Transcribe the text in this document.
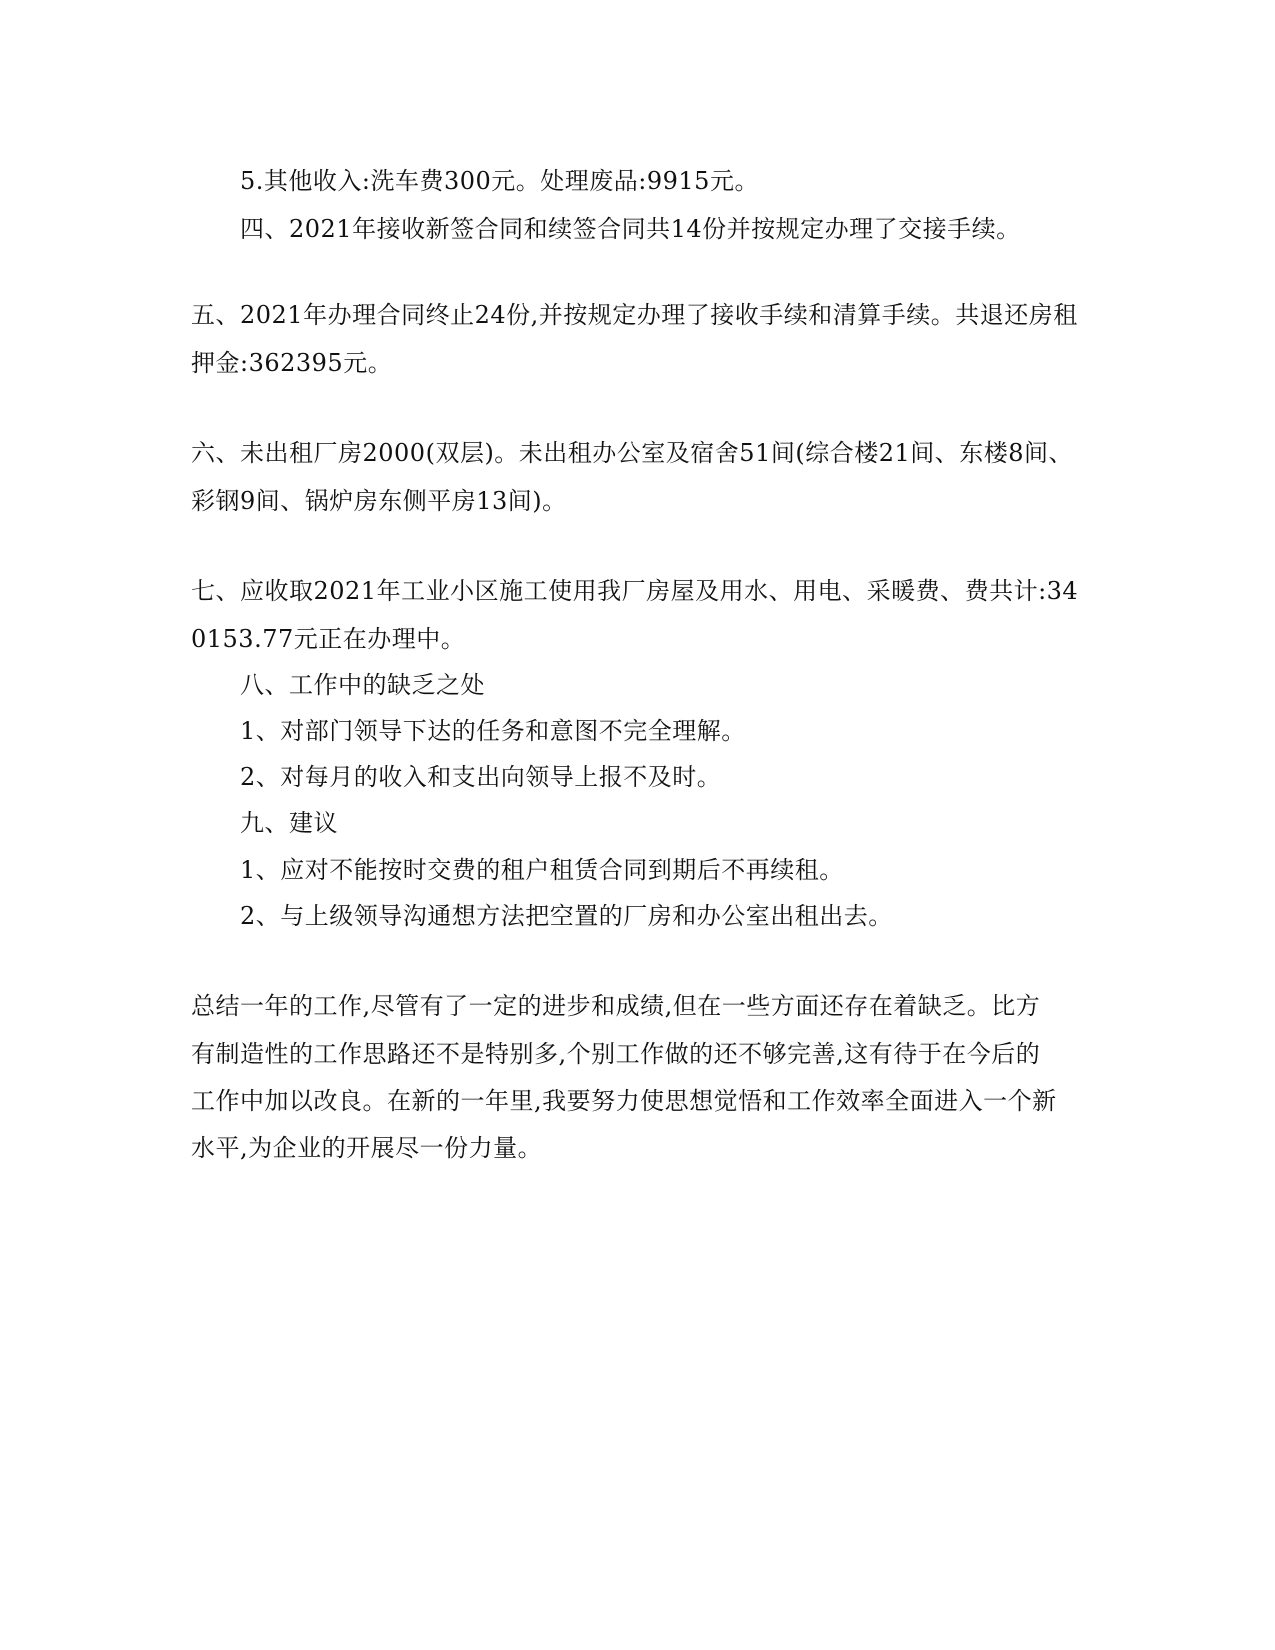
5.其他收入:洗车费300元。处理废品:9915元。
四、2021年接收新签合同和续签合同共14份并按规定办理了交接手续。
五、2021年办理合同终止24份,并按规定办理了接收手续和清算手续。共退还房租
押金:362395元。
六、未出租厂房2000(双层)。未出租办公室及宿舍51间(综合楼21间、东楼8间、
彩钢9间、锅炉房东侧平房13间)。
七、应收取2021年工业小区施工使用我厂房屋及用水、用电、采暖费、费共计:34
0153.77元正在办理中。
八、工作中的缺乏之处
1、对部门领导下达的任务和意图不完全理解。
2、对每月的收入和支出向领导上报不及时。
九、建议
1、应对不能按时交费的租户租赁合同到期后不再续租。
2、与上级领导沟通想方法把空置的厂房和办公室出租出去。
总结一年的工作,尽管有了一定的进步和成绩,但在一些方面还存在着缺乏。比方
有制造性的工作思路还不是特别多,个别工作做的还不够完善,这有待于在今后的
工作中加以改良。在新的一年里,我要努力使思想觉悟和工作效率全面进入一个新
水平,为企业的开展尽一份力量。
